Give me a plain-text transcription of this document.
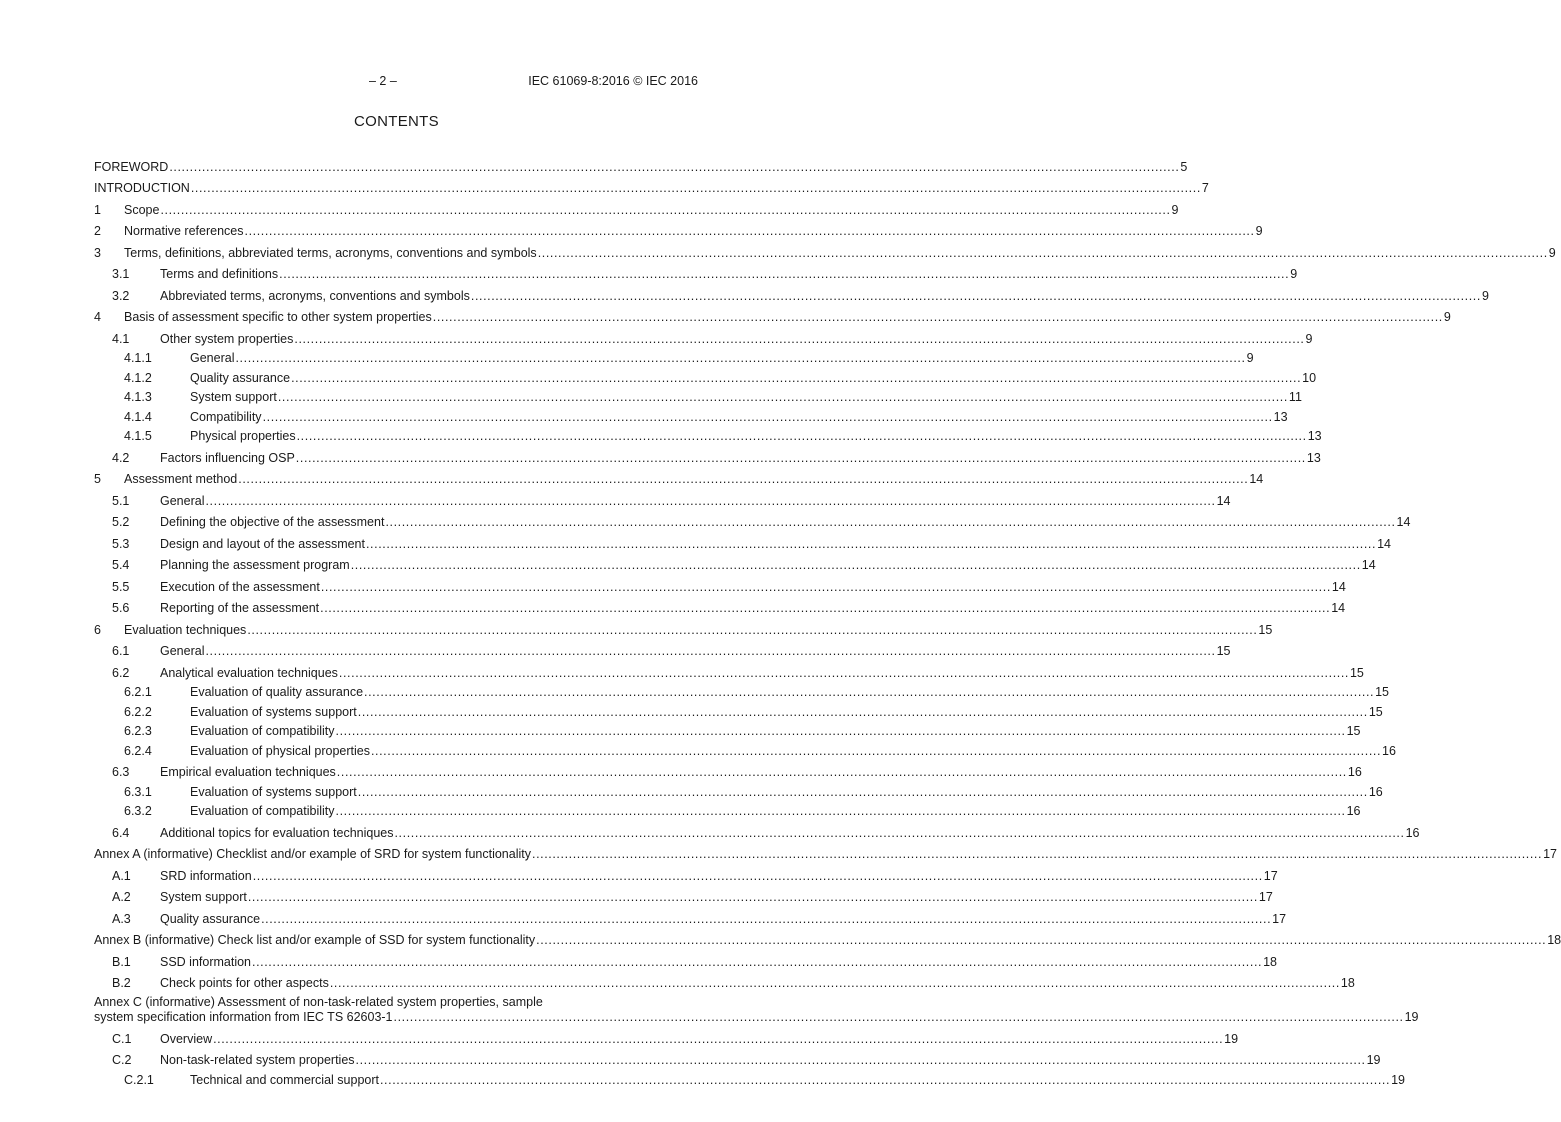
– 2 –	IEC 61069-8:2016 © IEC 2016
CONTENTS
FOREWORD .....	5
INTRODUCTION .....	7
1 Scope .....	9
2 Normative references .....	9
3 Terms, definitions, abbreviated terms, acronyms, conventions and symbols .....	9
3.1 Terms and definitions .....	9
3.2 Abbreviated terms, acronyms, conventions and symbols .....	9
4 Basis of assessment specific to other system properties .....	9
4.1 Other system properties .....	9
4.1.1	General .....	9
4.1.2	Quality assurance .....	10
4.1.3	System support .....	11
4.1.4	Compatibility .....	13
4.1.5	Physical properties .....	13
4.2 Factors influencing OSP .....	13
5 Assessment method .....	14
5.1 General .....	14
5.2 Defining the objective of the assessment .....	14
5.3 Design and layout of the assessment .....	14
5.4 Planning the assessment program .....	14
5.5 Execution of the assessment .....	14
5.6 Reporting of the assessment .....	14
6 Evaluation techniques .....	15
6.1 General .....	15
6.2 Analytical evaluation techniques .....	15
6.2.1	Evaluation of quality assurance .....	15
6.2.2	Evaluation of systems support .....	15
6.2.3	Evaluation of compatibility .....	15
6.2.4	Evaluation of physical properties .....	16
6.3 Empirical evaluation techniques .....	16
6.3.1	Evaluation of systems support .....	16
6.3.2	Evaluation of compatibility .....	16
6.4 Additional topics for evaluation techniques .....	16
Annex A (informative) Checklist and/or example of SRD for system functionality .....	17
A.1 SRD information .....	17
A.2 System support .....	17
A.3 Quality assurance .....	17
Annex B (informative) Check list and/or example of SSD for system functionality .....	18
B.1 SSD information .....	18
B.2 Check points for other aspects .....	18
Annex C (informative) Assessment of non-task-related system properties, sample
system specification information from IEC TS 62603-1 .....	19
C.1 Overview .....	19
C.2 Non-task-related system properties .....	19
C.2.1	Technical and commercial support .....	19
